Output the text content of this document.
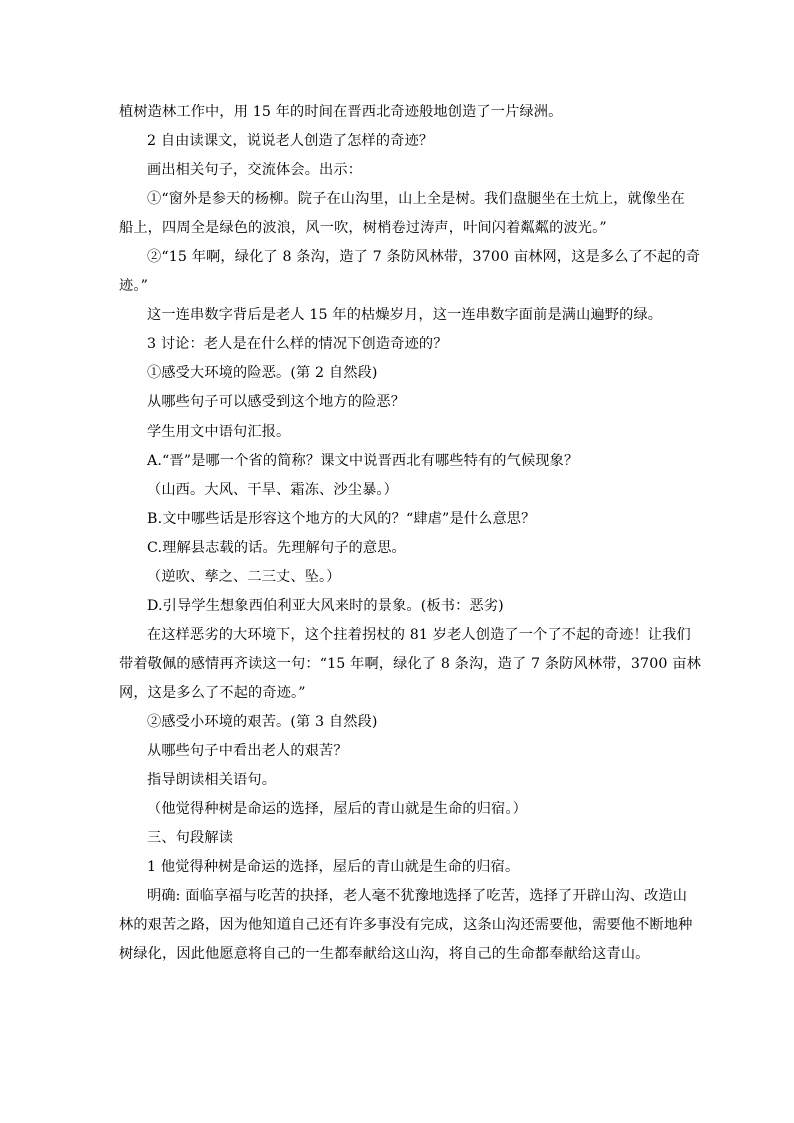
植树造林工作中，用 15 年的时间在晋西北奇迹般地创造了一片绿洲。
2 自由读课文，说说老人创造了怎样的奇迹？
画出相关句子，交流体会。出示：
①“窗外是参天的杨柳。院子在山沟里，山上全是树。我们盘腿坐在土炕上，就像坐在
船上，四周全是绿色的波浪，风一吹，树梢卷过涛声，叶间闪着粼粼的波光。”
②“15 年啊，绿化了 8 条沟，造了 7 条防风林带，3700 亩林网，这是多么了不起的奇
迹。”
这一连串数字背后是老人 15 年的枯燥岁月，这一连串数字面前是满山遍野的绿。
3 讨论：老人是在什么样的情况下创造奇迹的？
①感受大环境的险恶。(第 2 自然段)
从哪些句子可以感受到这个地方的险恶？
学生用文中语句汇报。
A.“晋”是哪一个省的简称？课文中说晋西北有哪些特有的气候现象？
（山西。大风、干旱、霜冻、沙尘暴。）
B.文中哪些话是形容这个地方的大风的？“肆虐”是什么意思？
C.理解县志载的话。先理解句子的意思。
（逆吹、孳之、二三丈、坠。）
D.引导学生想象西伯利亚大风来时的景象。(板书：恶劣)
在这样恶劣的大环境下，这个拄着拐杖的 81 岁老人创造了一个了不起的奇迹！让我们
带着敬佩的感情再齐读这一句：“15 年啊，绿化了 8 条沟，造了 7 条防风林带，3700 亩林
网，这是多么了不起的奇迹。”
②感受小环境的艰苦。(第 3 自然段)
从哪些句子中看出老人的艰苦？
指导朗读相关语句。
（他觉得种树是命运的选择，屋后的青山就是生命的归宿。）
三、句段解读
1 他觉得种树是命运的选择，屋后的青山就是生命的归宿。
明确: 面临享福与吃苦的抉择，老人毫不犹豫地选择了吃苦，选择了开辟山沟、改造山
林的艰苦之路，因为他知道自己还有许多事没有完成，这条山沟还需要他，需要他不断地种
树绿化，因此他愿意将自己的一生都奉献给这山沟，将自己的生命都奉献给这青山。
